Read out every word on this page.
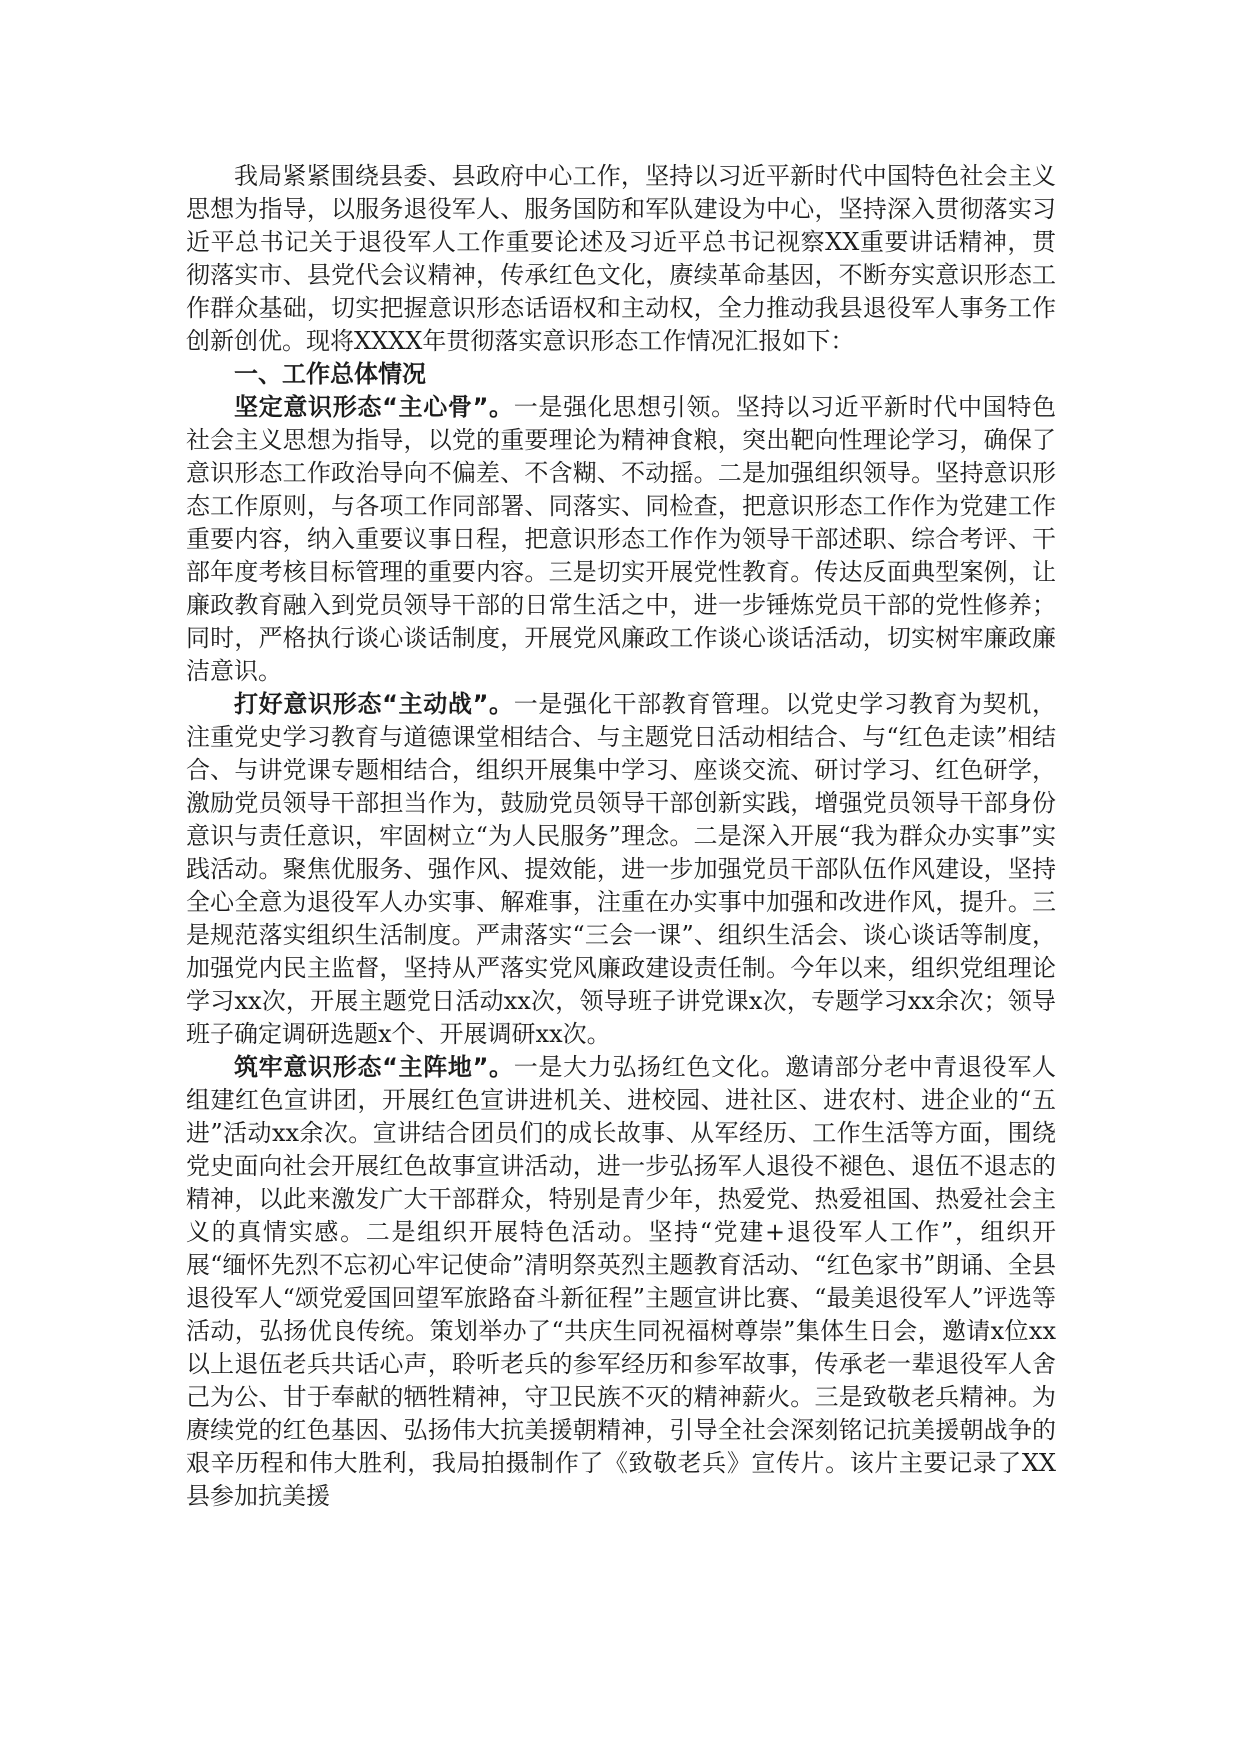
我局紧紧围绕县委、县政府中心工作，坚持以习近平新时代中国特色社会主义思想为指导，以服务退役军人、服务国防和军队建设为中心，坚持深入贯彻落实习近平总书记关于退役军人工作重要论述及习近平总书记视察XX重要讲话精神，贯彻落实市、县党代会议精神，传承红色文化，赓续革命基因，不断夯实意识形态工作群众基础，切实把握意识形态话语权和主动权，全力推动我县退役军人事务工作创新创优。现将XXXX年贯彻落实意识形态工作情况汇报如下：

一、工作总体情况

坚定意识形态“主心骨”。一是强化思想引领。坚持以习近平新时代中国特色社会主义思想为指导，以党的重要理论为精神食粮，突出靶向性理论学习，确保了意识形态工作政治导向不偏差、不含糊、不动摇。二是加强组织领导。坚持意识形态工作原则，与各项工作同部署、同落实、同检查，把意识形态工作作为党建工作重要内容，纳入重要议事日程，把意识形态工作作为领导干部述职、综合考评、干部年度考核目标管理的重要内容。三是切实开展党性教育。传达反面典型案例，让廉政教育融入到党员领导干部的日常生活之中，进一步锤炼党员干部的党性修养；同时，严格执行谈心谈话制度，开展党风廉政工作谈心谈话活动，切实树牢廉政廉洁意识。

打好意识形态“主动战”。一是强化干部教育管理。以党史学习教育为契机，注重党史学习教育与道德课堂相结合、与主题党日活动相结合、与“红色走读”相结合、与讲党课专题相结合，组织开展集中学习、座谈交流、研讨学习、红色研学，激励党员领导干部担当作为，鼓励党员领导干部创新实践，增强党员领导干部身份意识与责任意识，牢固树立“为人民服务”理念。二是深入开展“我为群众办实事”实践活动。聚焦优服务、强作风、提效能，进一步加强党员干部队伍作风建设，坚持全心全意为退役军人办实事、解难事，注重在办实事中加强和改进作风，提升。三是规范落实组织生活制度。严肃落实“三会一课”、组织生活会、谈心谈话等制度，加强党内民主监督，坚持从严落实党风廉政建设责任制。今年以来，组织党组理论学习xx次，开展主题党日活动xx次，领导班子讲党课x次，专题学习xx余次；领导班子确定调研选题x个、开展调研xx次。

筑牢意识形态“主阵地”。一是大力弘扬红色文化。邀请部分老中青退役军人组建红色宣讲团，开展红色宣讲进机关、进校园、进社区、进农村、进企业的“五进”活动xx余次。宣讲结合团员们的成长故事、从军经历、工作生活等方面，围绕党史面向社会开展红色故事宣讲活动，进一步弘扬军人退役不褪色、退伍不退志的精神，以此来激发广大干部群众，特别是青少年，热爱党、热爱祖国、热爱社会主义的真情实感。二是组织开展特色活动。坚持“党建+退役军人工作”，组织开展“缅怀先烈不忘初心牢记使命”清明祭英烈主题教育活动、“红色家书”朗诵、全县退役军人“颂党爱国回望军旅路奋斗新征程”主题宣讲比赛、“最美退役军人”评选等活动，弘扬优良传统。策划举办了“共庆生同祝福树尊崇”集体生日会，邀请x位xx以上退伍老兵共话心声，聆听老兵的参军经历和参军故事，传承老一辈退役军人舍己为公、甘于奉献的牺牲精神，守卫民族不灭的精神薪火。三是致敬老兵精神。为赓续党的红色基因、弘扬伟大抗美援朝精神，引导全社会深刻铭记抗美援朝战争的艰辛历程和伟大胜利，我局拍摄制作了《致敬老兵》宣传片。该片主要记录了XX县参加抗美援
